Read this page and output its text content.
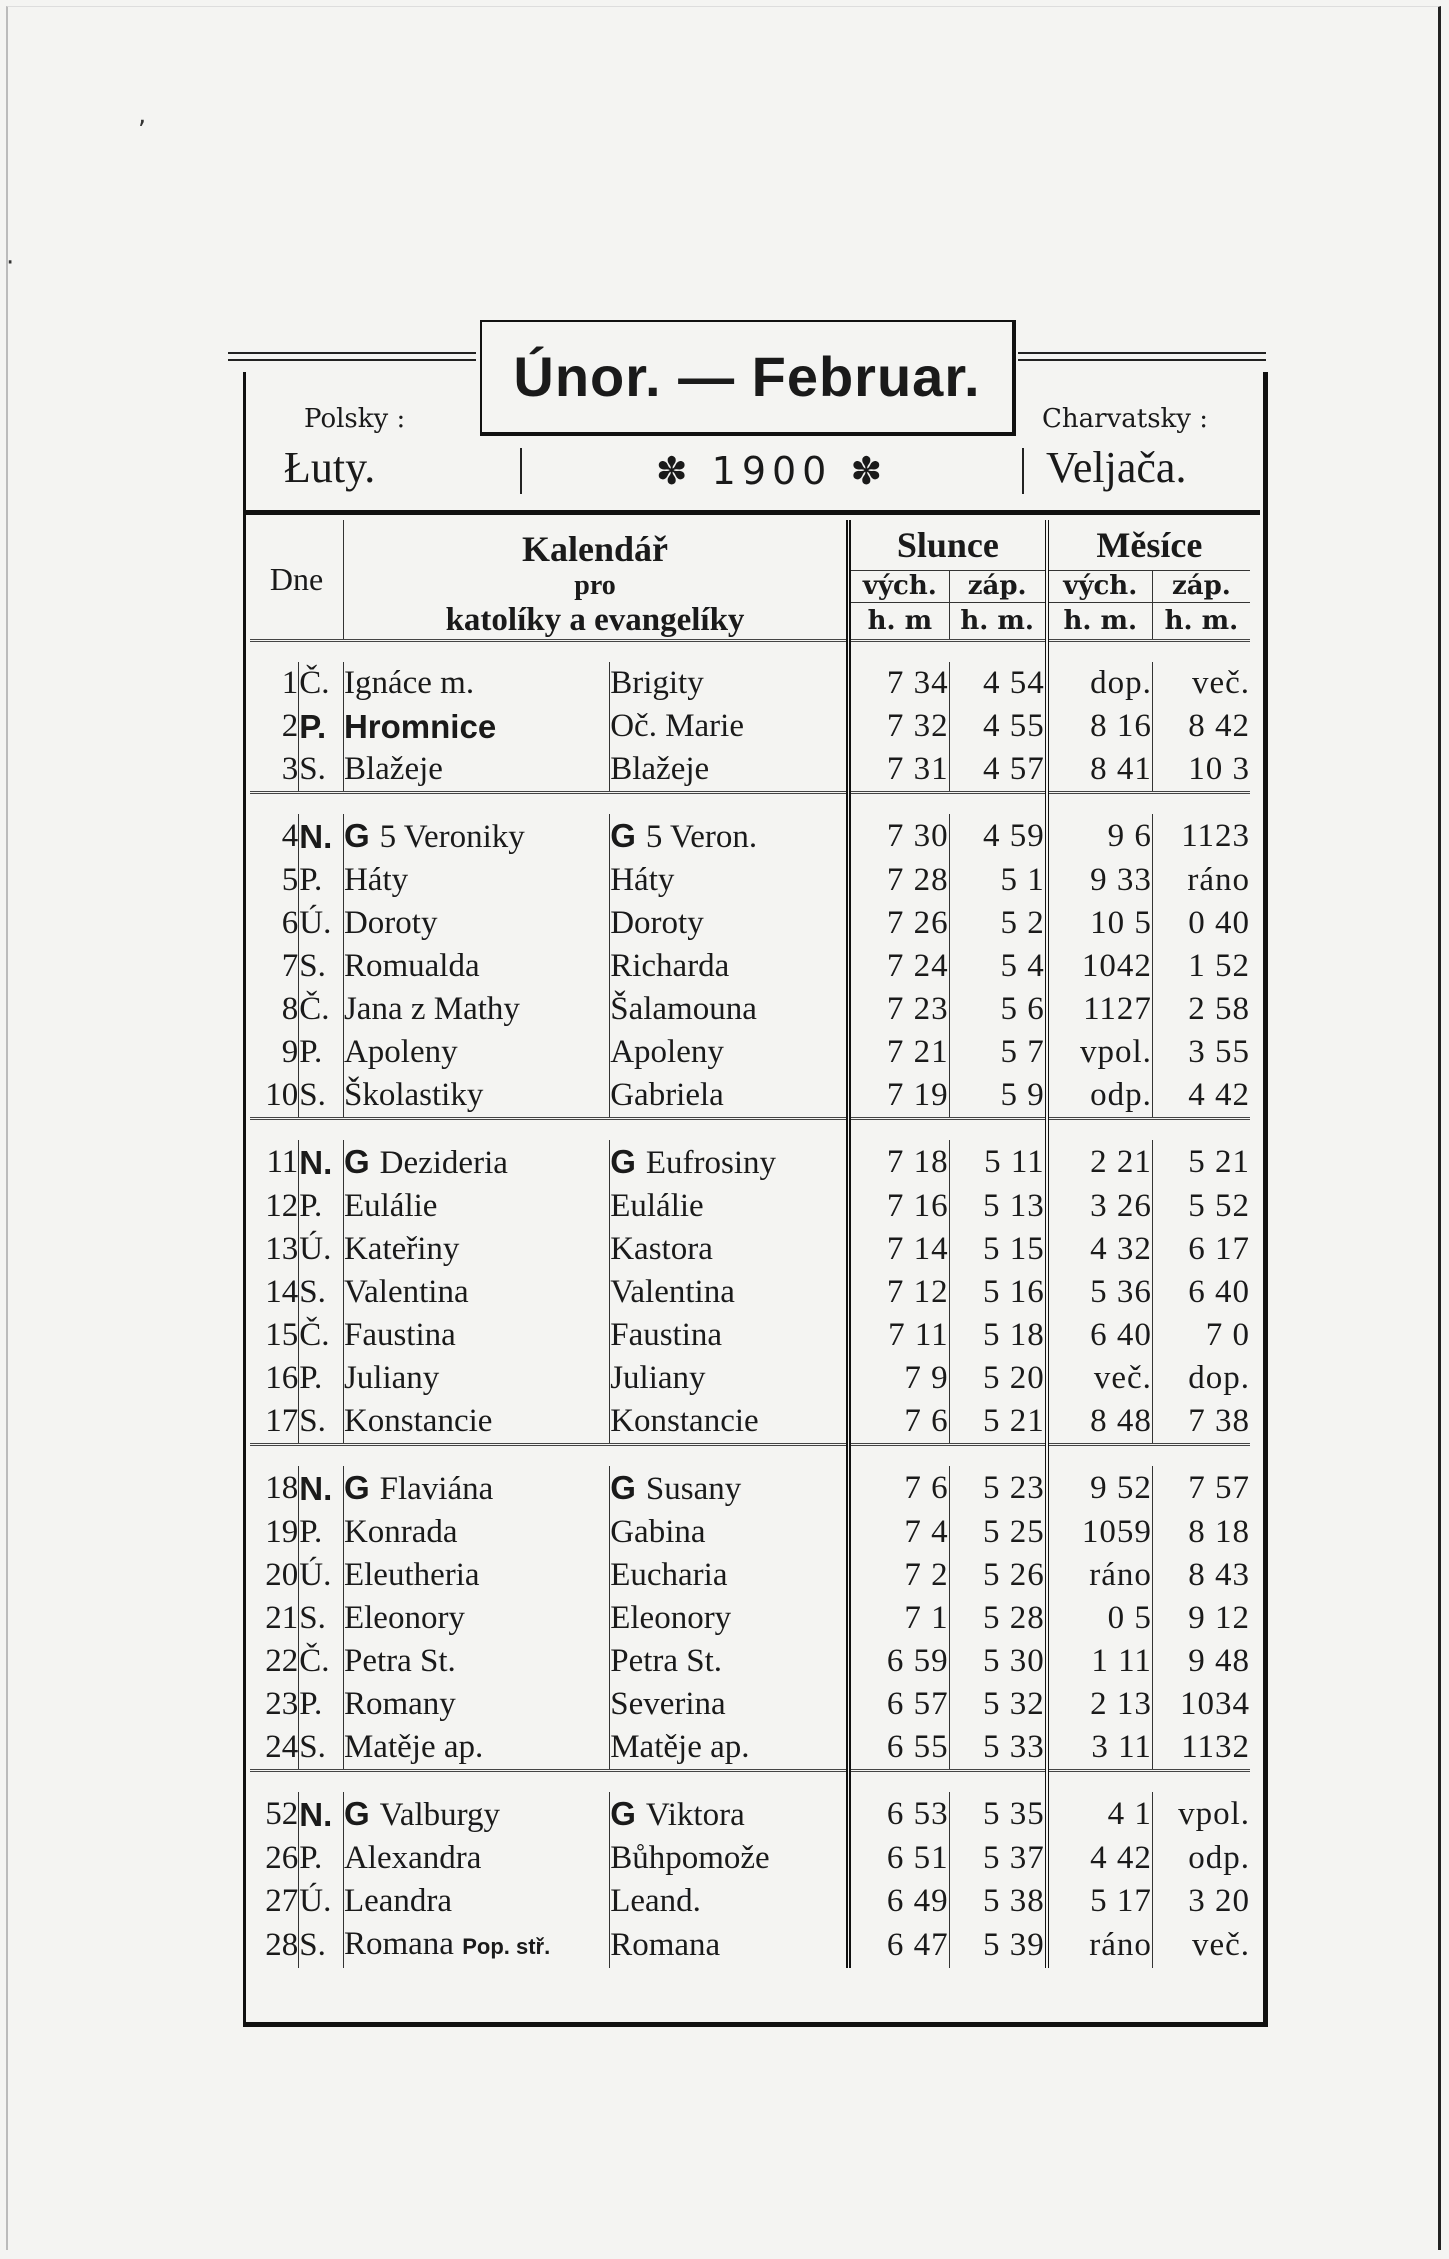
,
·
Únor. — Februar.
Polsky :
Łuty.
Charvatsky :
Veljača.
✽ 1900 ✽
Dne		Kalendář		Slunce		Měsíce	
		pro		vých.	záp.	vých.	záp.
		katolíky a evangelíky		h. m	h. m.	h. m.	h. m.

1	Č.	Ignáce m.	Brigity	7 34	4 54	dop.	več.
2	P.	Hromnice	Oč. Marie	7 32	4 55	8 16	8 42
3	S.	Blažeje	Blažeje	7 31	4 57	8 41	10 3

4	N.	G 5 Veroniky	G 5 Veron.	7 30	4 59	9 6	1123
5	P.	Háty	Háty	7 28	5 1	9 33	ráno
6	Ú.	Doroty	Doroty	7 26	5 2	10 5	0 40
7	S.	Romualda	Richarda	7 24	5 4	1042	1 52
8	Č.	Jana z Mathy	Šalamouna	7 23	5 6	1127	2 58
9	P.	Apoleny	Apoleny	7 21	5 7	vpol.	3 55
10	S.	Školastiky	Gabriela	7 19	5 9	odp.	4 42

11	N.	G Dezideria	G Eufrosiny	7 18	5 11	2 21	5 21
12	P.	Eulálie	Eulálie	7 16	5 13	3 26	5 52
13	Ú.	Kateřiny	Kastora	7 14	5 15	4 32	6 17
14	S.	Valentina	Valentina	7 12	5 16	5 36	6 40
15	Č.	Faustina	Faustina	7 11	5 18	6 40	7 0
16	P.	Juliany	Juliany	7 9	5 20	več.	dop.
17	S.	Konstancie	Konstancie	7 6	5 21	8 48	7 38

18	N.	G Flaviána	G Susany	7 6	5 23	9 52	7 57
19	P.	Konrada	Gabina	7 4	5 25	1059	8 18
20	Ú.	Eleutheria	Eucharia	7 2	5 26	ráno	8 43
21	S.	Eleonory	Eleonory	7 1	5 28	0 5	9 12
22	Č.	Petra St.	Petra St.	6 59	5 30	1 11	9 48
23	P.	Romany	Severina	6 57	5 32	2 13	1034
24	S.	Matěje ap.	Matěje ap.	6 55	5 33	3 11	1132

52	N.	G Valburgy	G Viktora	6 53	5 35	4 1	vpol.
26	P.	Alexandra	Bůhpomože	6 51	5 37	4 42	odp.
27	Ú.	Leandra	Leand.	6 49	5 38	5 17	3 20
28	S.	Romana Pop. stř.	Romana	6 47	5 39	ráno	več.
